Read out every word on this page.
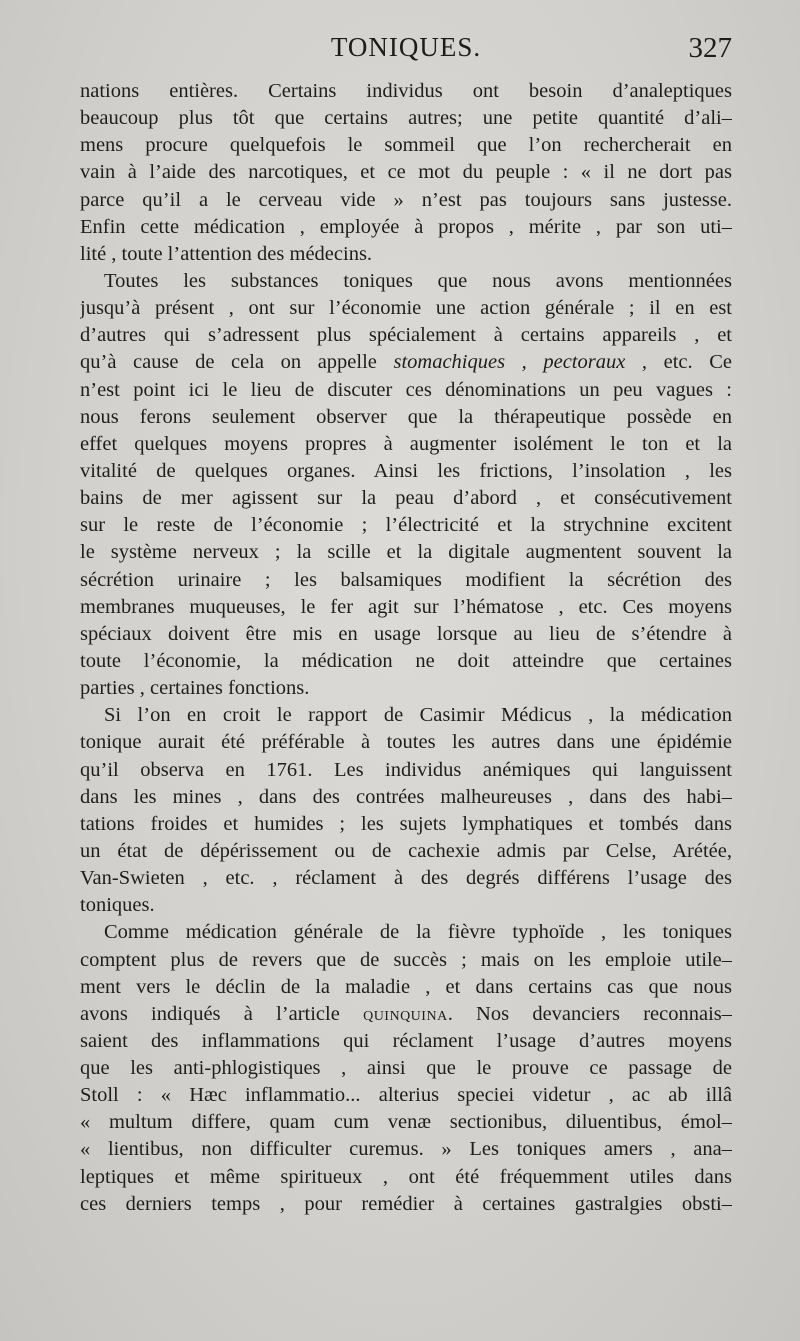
TONIQUES.	327
nations entières. Certains individus ont besoin d’analeptiques
beaucoup plus tôt que certains autres; une petite quantité d’ali–
mens procure quelquefois le sommeil que l’on rechercherait en
vain à l’aide des narcotiques, et ce mot du peuple : « il ne dort pas
parce qu’il a le cerveau vide » n’est pas toujours sans justesse.
Enfin cette médication , employée à propos , mérite , par son uti–
lité , toute l’attention des médecins.
Toutes les substances toniques que nous avons mentionnées
jusqu’à présent , ont sur l’économie une action générale ; il en est
d’autres qui s’adressent plus spécialement à certains appareils , et
qu’à cause de cela on appelle stomachiques , pectoraux , etc. Ce
n’est point ici le lieu de discuter ces dénominations un peu vagues :
nous ferons seulement observer que la thérapeutique possède en
effet quelques moyens propres à augmenter isolément le ton et la
vitalité de quelques organes. Ainsi les frictions, l’insolation , les
bains de mer agissent sur la peau d’abord , et consécutivement
sur le reste de l’économie ; l’électricité et la strychnine excitent
le système nerveux ; la scille et la digitale augmentent souvent la
sécrétion urinaire ; les balsamiques modifient la sécrétion des
membranes muqueuses, le fer agit sur l’hématose , etc. Ces moyens
spéciaux doivent être mis en usage lorsque au lieu de s’étendre à
toute l’économie, la médication ne doit atteindre que certaines
parties , certaines fonctions.
Si l’on en croit le rapport de Casimir Médicus , la médication
tonique aurait été préférable à toutes les autres dans une épidémie
qu’il observa en 1761. Les individus anémiques qui languissent
dans les mines , dans des contrées malheureuses , dans des habi–
tations froides et humides ; les sujets lymphatiques et tombés dans
un état de dépérissement ou de cachexie admis par Celse, Arétée,
Van-Swieten , etc. , réclament à des degrés différens l’usage des
toniques.
Comme médication générale de la fièvre typhoïde , les toniques
comptent plus de revers que de succès ; mais on les emploie utile–
ment vers le déclin de la maladie , et dans certains cas que nous
avons indiqués à l’article quinquina. Nos devanciers reconnais–
saient des inflammations qui réclament l’usage d’autres moyens
que les anti-phlogistiques , ainsi que le prouve ce passage de
Stoll : « Hæc inflammatio... alterius speciei videtur , ac ab illâ
« multum differe, quam cum venæ sectionibus, diluentibus, émol–
« lientibus, non difficulter curemus. » Les toniques amers , ana–
leptiques et même spiritueux , ont été fréquemment utiles dans
ces derniers temps , pour remédier à certaines gastralgies obsti–
